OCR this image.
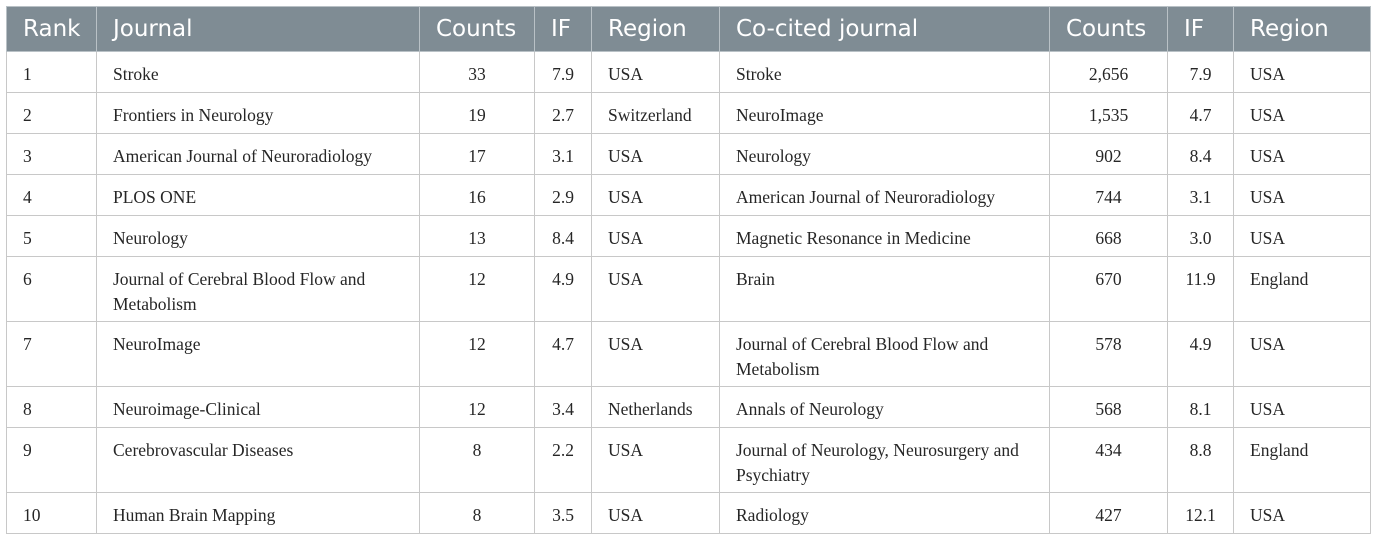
Rank	Journal	Counts	IF	Region	Co-cited journal	Counts	IF	Region
1	Stroke	33	7.9	USA	Stroke	2,656	7.9	USA
2	Frontiers in Neurology	19	2.7	Switzerland	NeuroImage	1,535	4.7	USA
3	American Journal of Neuroradiology	17	3.1	USA	Neurology	902	8.4	USA
4	PLOS ONE	16	2.9	USA	American Journal of Neuroradiology	744	3.1	USA
5	Neurology	13	8.4	USA	Magnetic Resonance in Medicine	668	3.0	USA
6	Journal of Cerebral Blood Flow and Metabolism	12	4.9	USA	Brain	670	11.9	England
7	NeuroImage	12	4.7	USA	Journal of Cerebral Blood Flow and Metabolism	578	4.9	USA
8	Neuroimage-Clinical	12	3.4	Netherlands	Annals of Neurology	568	8.1	USA
9	Cerebrovascular Diseases	8	2.2	USA	Journal of Neurology, Neurosurgery and Psychiatry	434	8.8	England
10	Human Brain Mapping	8	3.5	USA	Radiology	427	12.1	USA
